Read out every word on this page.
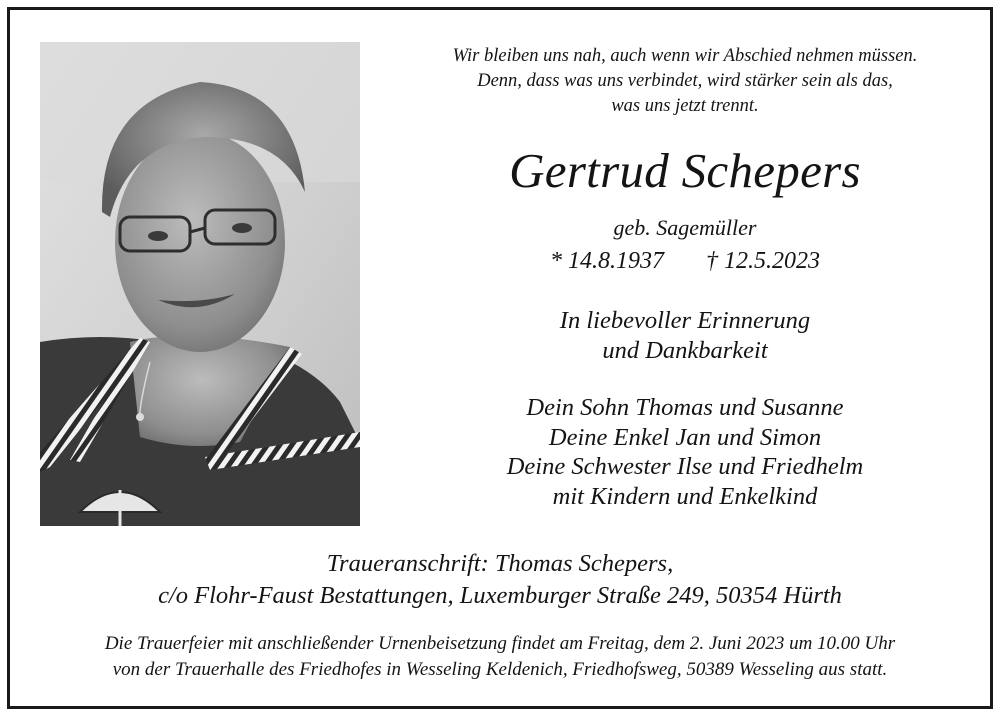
Wir bleiben uns nah, auch wenn wir Abschied nehmen müssen.
Denn, dass was uns verbindet, wird stärker sein als das,
was uns jetzt trennt.
Gertrud Schepers
geb. Sagemüller
* 14.8.1937 † 12.5.2023
In liebevoller Erinnerung
und Dankbarkeit
Dein Sohn Thomas und Susanne
Deine Enkel Jan und Simon
Deine Schwester Ilse und Friedhelm
mit Kindern und Enkelkind
Traueranschrift: Thomas Schepers,
c/o Flohr-Faust Bestattungen, Luxemburger Straße 249, 50354 Hürth
Die Trauerfeier mit anschließender Urnenbeisetzung findet am Freitag, dem 2. Juni 2023 um 10.00 Uhr
von der Trauerhalle des Friedhofes in Wesseling Keldenich, Friedhofsweg, 50389 Wesseling aus statt.
